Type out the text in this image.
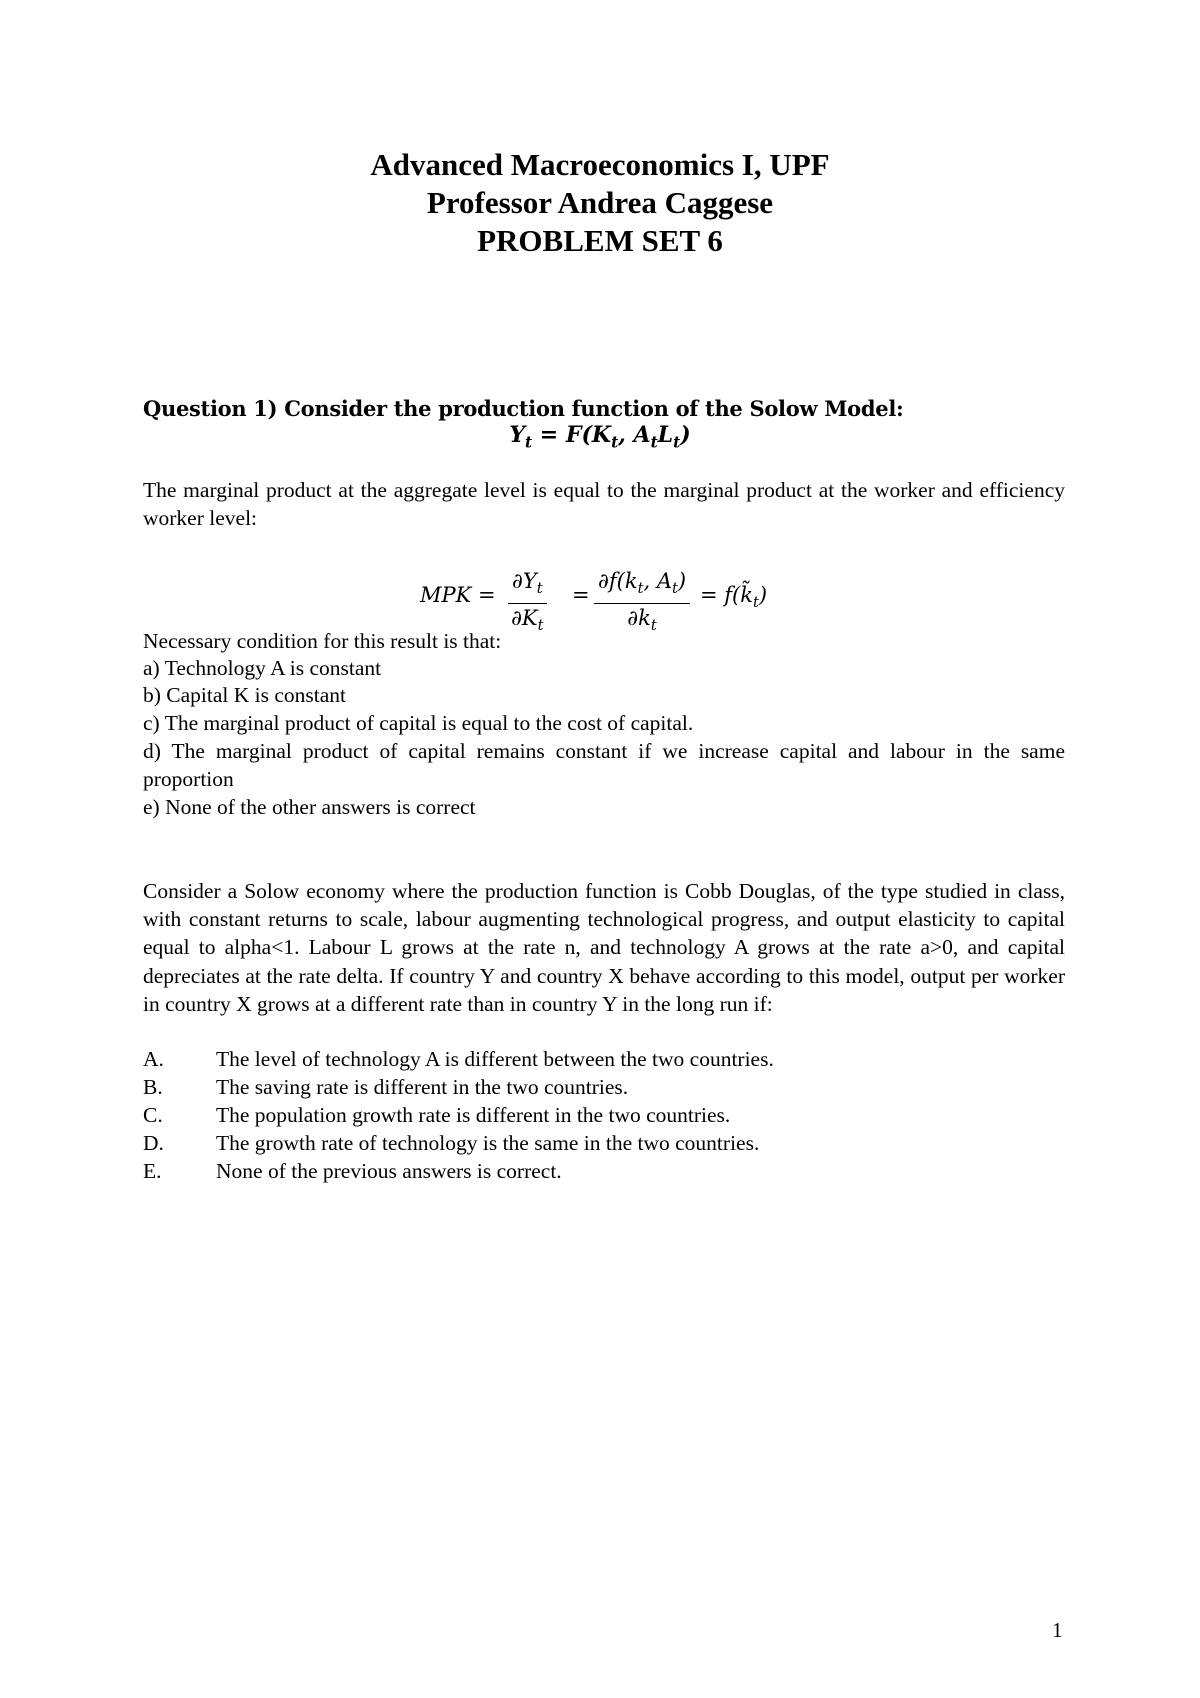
Advanced Macroeconomics I, UPF
Professor Andrea Caggese
PROBLEM SET 6
Question 1) Consider the production function of the Solow Model:
$Y_t = F(K_t$, $A_tL_t$)
The marginal product at the aggregate level is equal to the marginal product at the worker and efficiency worker level:
MPK = $\frac{\partial Y_t}{\partial K_t} = \frac{\partial f(k_t, A_t)}{\partial k_t}$ = $f(k̃_t)$
Necessary condition for this result is that:
a) Technology A is constant
b) Capital K is constant
c) The marginal product of capital is equal to the cost of capital.
d) The marginal product of capital remains constant if we increase capital and labour in the same proportion
e) None of the other answers is correct
Consider a Solow economy where the production function is Cobb Douglas, of the type studied in class, with constant returns to scale, labour augmenting technological progress, and output elasticity to capital equal to alpha<1. Labour L grows at the rate n, and technology A grows at the rate a>0, and capital depreciates at the rate delta. If country Y and country X behave according to this model, output per worker in country X grows at a different rate than in country Y in the long run if:
A. The level of technology A is different between the two countries.
B. The saving rate is different in the two countries.
C. The population growth rate is different in the two countries.
D. The growth rate of technology is the same in the two countries.
E.	None of the previous answers is correct.
1
